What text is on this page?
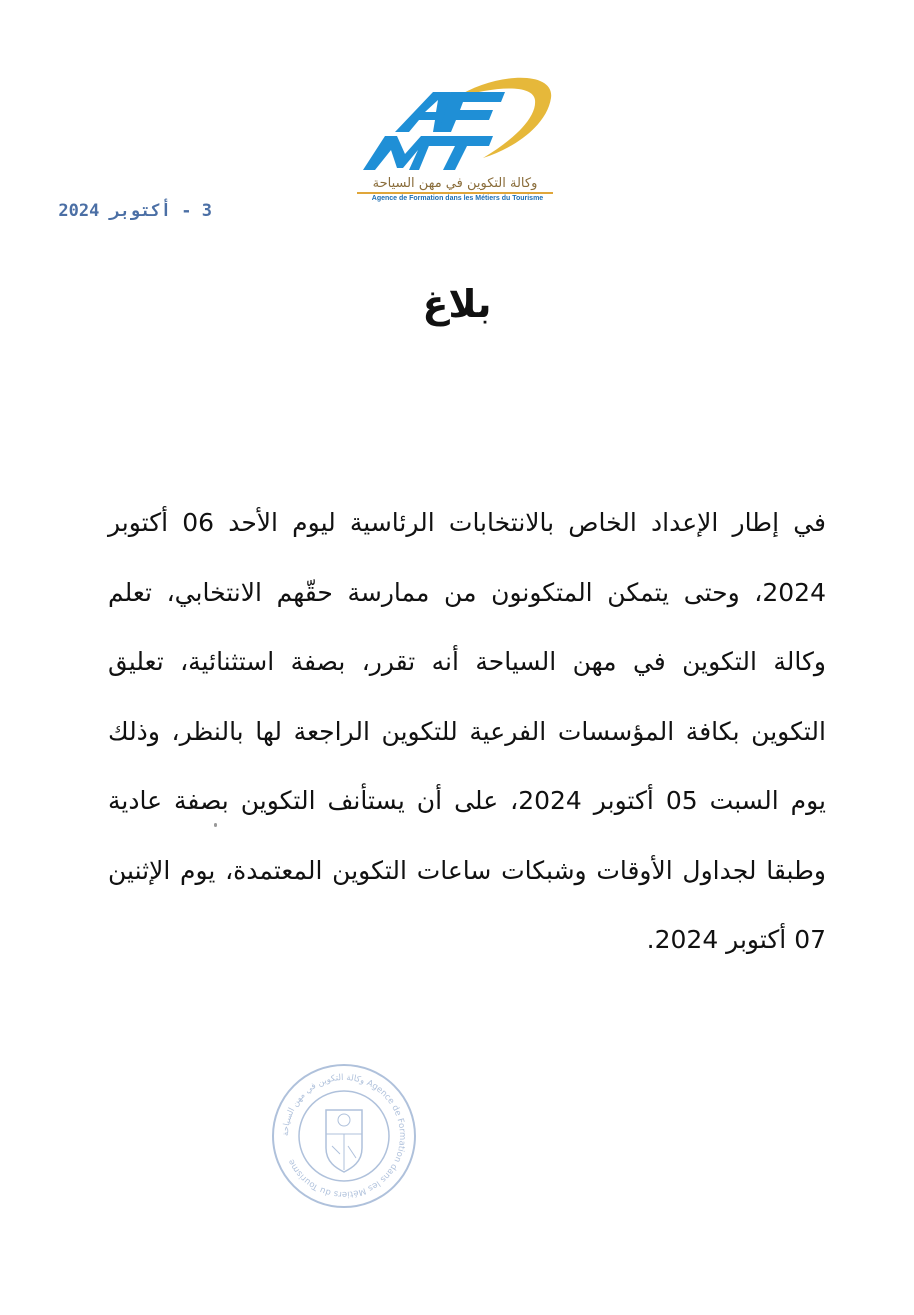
وكالة التكوين في مهن السياحة
Agence de Formation dans les Métiers du Tourisme
3 - أكتوبر 2024
بلاغ
في إطار الإعداد الخاص بالانتخابات الرئاسية ليوم الأحد 06 أكتوبر 2024، وحتى يتمكن المتكونون من ممارسة حقّهم الانتخابي، تعلم وكالة التكوين في مهن السياحة أنه تقرر، بصفة استثنائية، تعليق التكوين بكافة المؤسسات الفرعية للتكوين الراجعة لها بالنظر، وذلك يوم السبت 05 أكتوبر 2024، على أن يستأنف التكوين بصفة عادية وطبقا لجداول الأوقات وشبكات ساعات التكوين المعتمدة، يوم الإثنين 07 أكتوبر 2024.
وكالة التكوين في مهن السياحة Agence de Formation dans les Métiers du Tourisme
